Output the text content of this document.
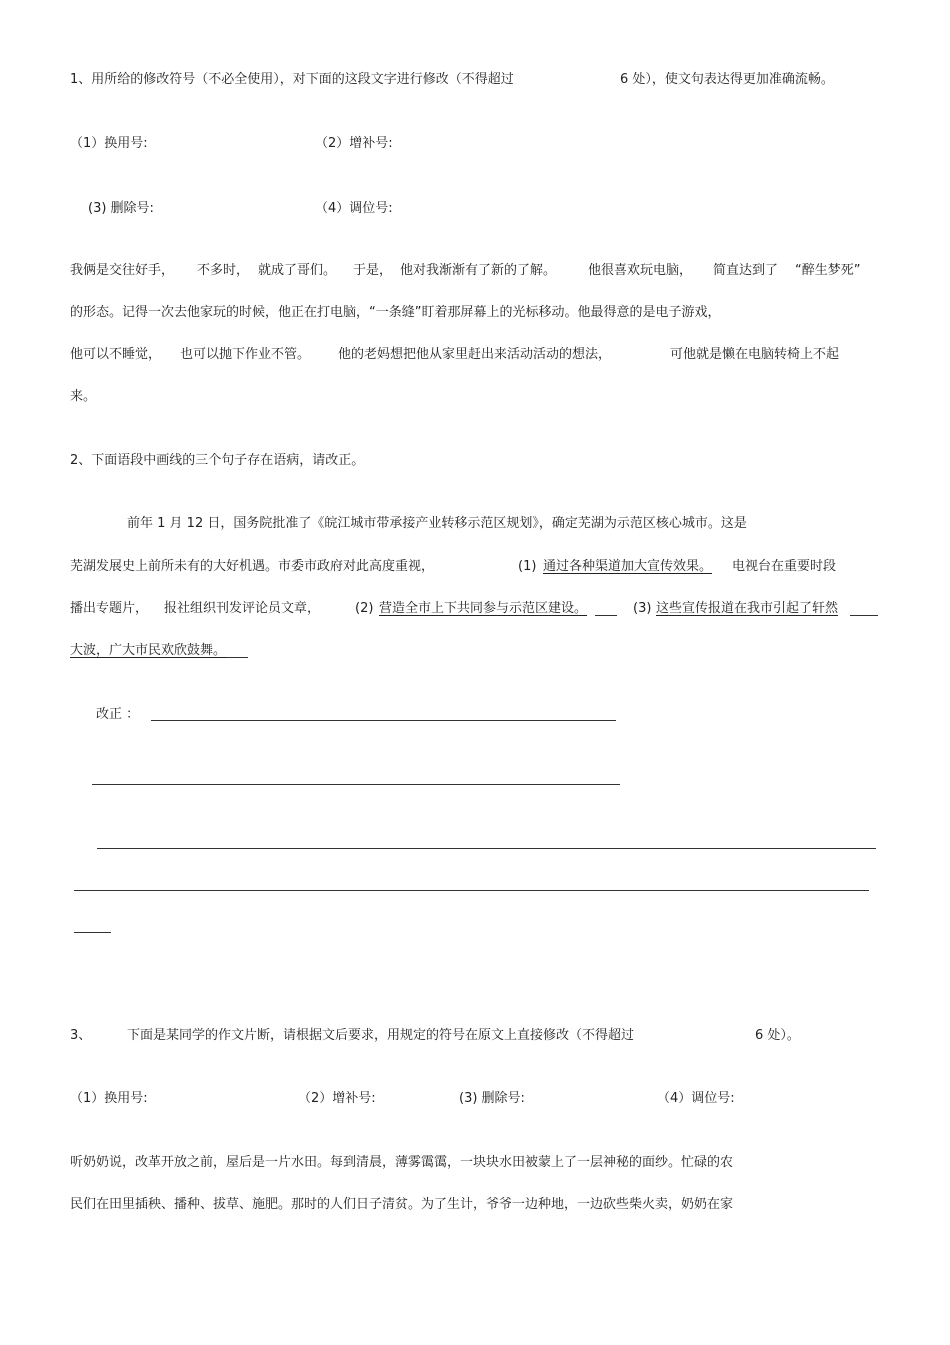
1、用所给的修改符号（不必全使用），对下面的这段文字进行修改（不得超过	6 处），使文句表达得更加准确流畅。
（1）换用号:	（2）增补号:
(3) 删除号:	（4）调位号:
我俩是交往好手， 不多时， 就成了哥们。 于是， 他对我渐渐有了新的了解。 他很喜欢玩电脑， 简直达到了 “醉生梦死”
的形态。记得一次去他家玩的时候，他正在打电脑，“一条缝”盯着那屏幕上的光标移动。他最得意的是电子游戏，
他可以不睡觉， 也可以抛下作业不管。 他的老妈想把他从家里赶出来活动活动的想法，	可他就是懒在电脑转椅上不起
来。
2、下面语段中画线的三个句子存在语病，请改正。
前年 1 月 12 日，国务院批准了《皖江城市带承接产业转移示范区规划》，确定芜湖为示范区核心城市。这是
芜湖发展史上前所未有的大好机遇。市委市政府对此高度重视，	(1) 通过各种渠道加大宣传效果。 电视台在重要时段
播出专题片， 报社组织刊发评论员文章，	(2) 营造全市上下共同参与示范区建设。	(3) 这些宣传报道在我市引起了轩然
大波，广大市民欢欣鼓舞。
改正 ：
3、	下面是某同学的作文片断，请根据文后要求，用规定的符号在原文上直接修改（不得超过	6 处）。
（1）换用号:	（2）增补号:	(3) 删除号:	（4）调位号:
听奶奶说，改革开放之前，屋后是一片水田。每到清晨，薄雾霭霭，一块块水田被蒙上了一层神秘的面纱。忙碌的农
民们在田里插秧、播种、拔草、施肥。那时的人们日子清贫。为了生计，爷爷一边种地，一边砍些柴火卖，奶奶在家
